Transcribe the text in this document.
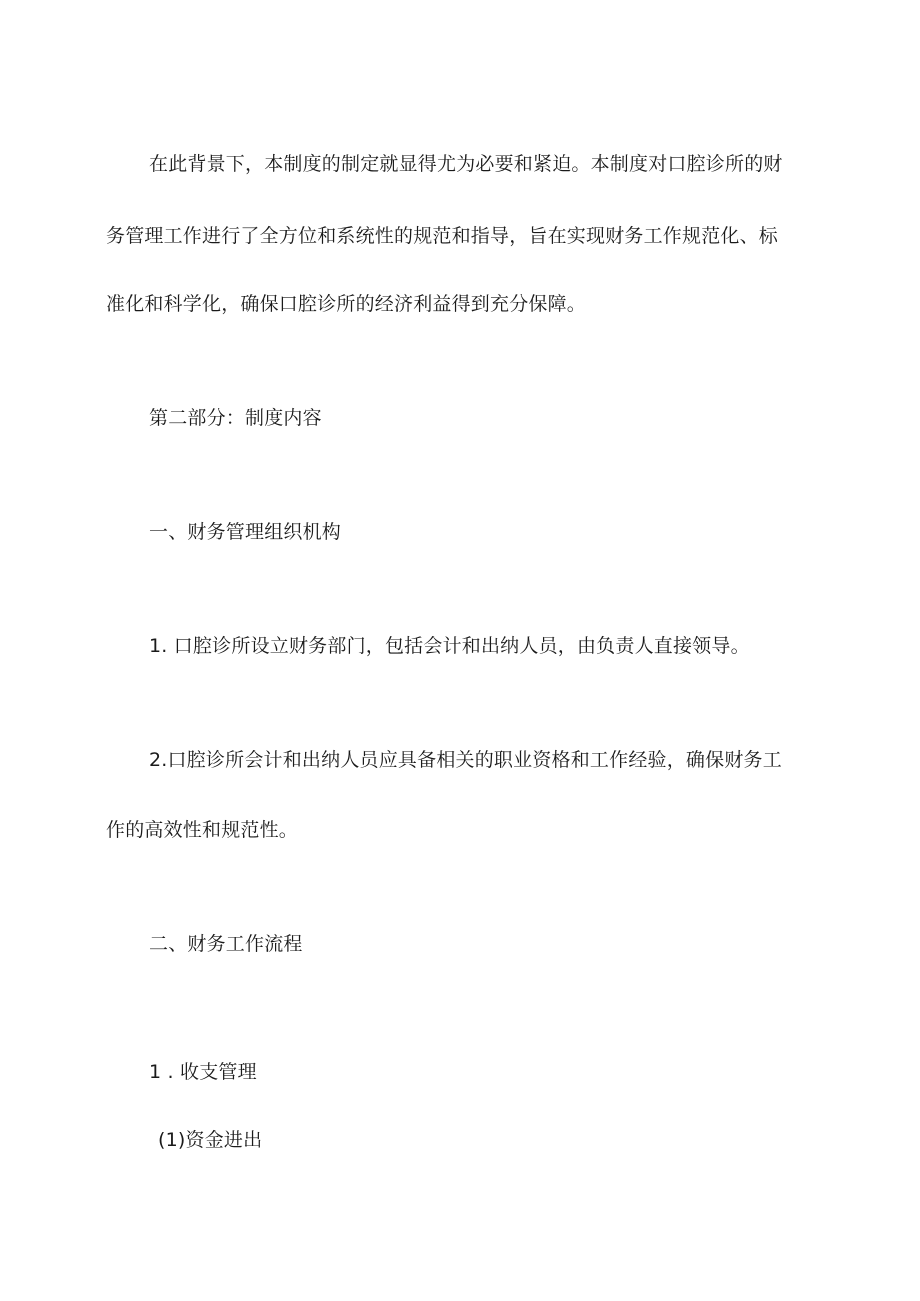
在此背景下，本制度的制定就显得尤为必要和紧迫。本制度对口腔诊所的财
务管理工作进行了全方位和系统性的规范和指导，旨在实现财务工作规范化、标
准化和科学化，确保口腔诊所的经济利益得到充分保障。
第二部分：制度内容
一、财务管理组织机构
1. 口腔诊所设立财务部门，包括会计和出纳人员，由负责人直接领导。
2.口腔诊所会计和出纳人员应具备相关的职业资格和工作经验，确保财务工
作的高效性和规范性。
二、财务工作流程
1 . 收支管理
(1)资金进出
